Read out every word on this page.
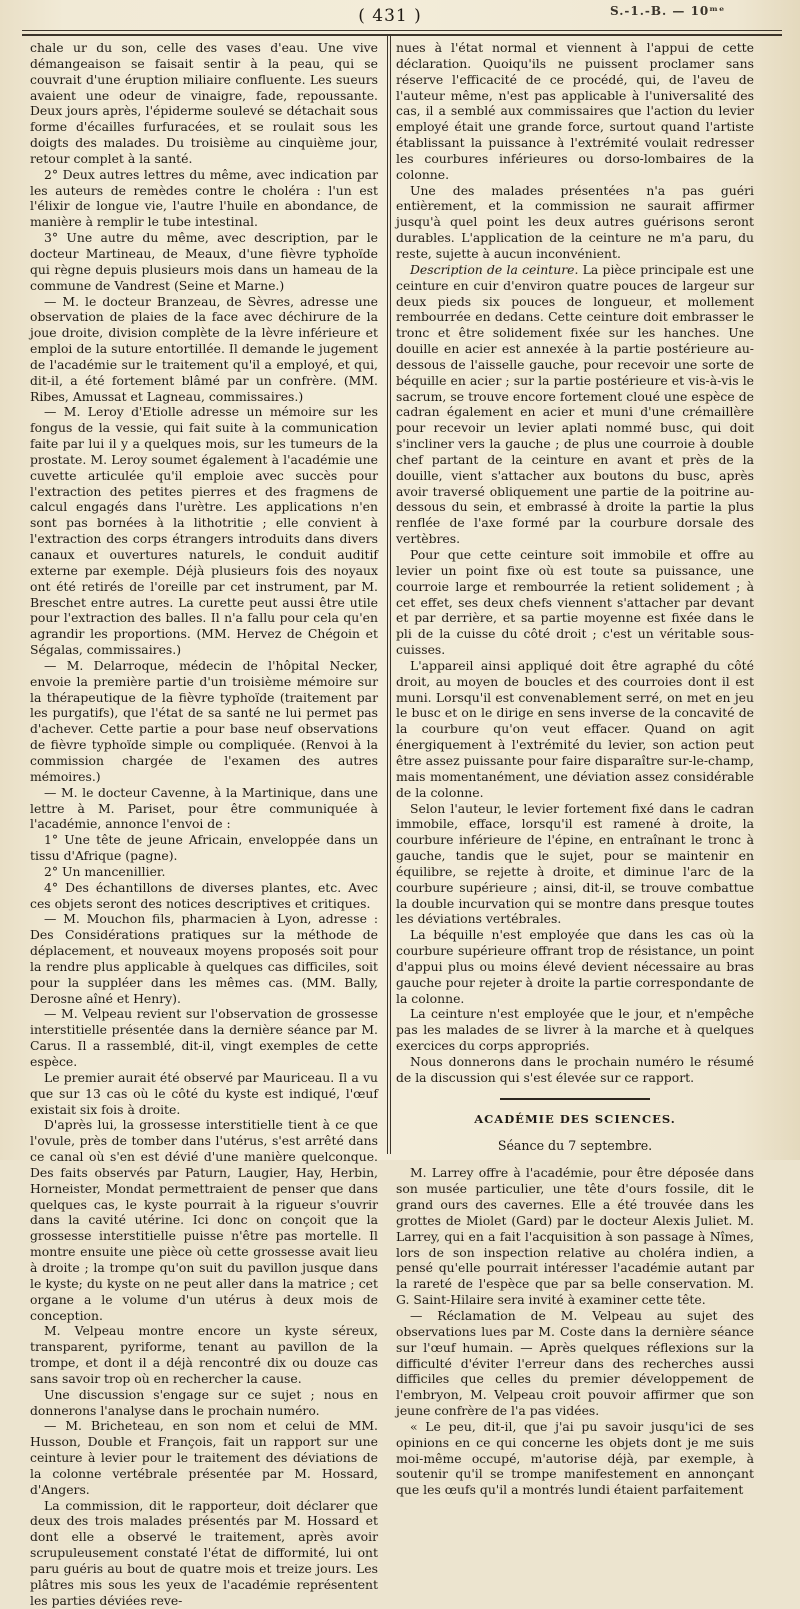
( 431 )	S.-1.-B. — 10ᵐᵉ

chale ur du son, celle des vases d'eau. Une vive démangeaison se faisait sentir à la peau, qui se couvrait d'une éruption miliaire confluente. Les sueurs avaient une odeur de vinaigre, fade, repoussante. Deux jours après, l'épiderme soulevé se détachait sous forme d'écailles furfuracées, et se roulait sous les doigts des malades. Du troisième au cinquième jour, retour complet à la santé.

2° Deux autres lettres du même, avec indication par les auteurs de remèdes contre le choléra : l'un est l'élixir de longue vie, l'autre l'huile en abondance, de manière à remplir le tube intestinal.

3° Une autre du même, avec description, par le docteur Martineau, de Meaux, d'une fièvre typhoïde qui règne depuis plusieurs mois dans un hameau de la commune de Vandrest (Seine et Marne.)

— M. le docteur Branzeau, de Sèvres, adresse une observation de plaies de la face avec déchirure de la joue droite, division complète de la lèvre inférieure et emploi de la suture entortillée. Il demande le jugement de l'académie sur le traitement qu'il a employé, et qui, dit-il, a été fortement blâmé par un confrère. (MM. Ribes, Amussat et Lagneau, commissaires.)

— M. Leroy d'Etiolle adresse un mémoire sur les fongus de la vessie, qui fait suite à la communication faite par lui il y a quelques mois, sur les tumeurs de la prostate. M. Leroy soumet également à l'académie une cuvette articulée qu'il emploie avec succès pour l'extraction des petites pierres et des fragmens de calcul engagés dans l'urètre. Les applications n'en sont pas bornées à la lithotritie ; elle convient à l'extraction des corps étrangers introduits dans divers canaux et ouvertures naturels, le conduit auditif externe par exemple. Déjà plusieurs fois des noyaux ont été retirés de l'oreille par cet instrument, par M. Breschet entre autres. La curette peut aussi être utile pour l'extraction des balles. Il n'a fallu pour cela qu'en agrandir les proportions. (MM. Hervez de Chégoin et Ségalas, commissaires.)

— M. Delarroque, médecin de l'hôpital Necker, envoie la première partie d'un troisième mémoire sur la thérapeutique de la fièvre typhoïde (traitement par les purgatifs), que l'état de sa santé ne lui permet pas d'achever. Cette partie a pour base neuf observations de fièvre typhoïde simple ou compliquée. (Renvoi à la commission chargée de l'examen des autres mémoires.)

— M. le docteur Cavenne, à la Martinique, dans une lettre à M. Pariset, pour être communiquée à l'académie, annonce l'envoi de :

1° Une tête de jeune Africain, enveloppée dans un tissu d'Afrique (pagne).

2° Un mancenillier.

4° Des échantillons de diverses plantes, etc. Avec ces objets seront des notices descriptives et critiques.

— M. Mouchon fils, pharmacien à Lyon, adresse : Des Considérations pratiques sur la méthode de déplacement, et nouveaux moyens proposés soit pour la rendre plus applicable à quelques cas difficiles, soit pour la suppléer dans les mêmes cas. (MM. Bally, Derosne aîné et Henry).

— M. Velpeau revient sur l'observation de grossesse interstitielle présentée dans la dernière séance par M. Carus. Il a rassemblé, dit-il, vingt exemples de cette espèce.

Le premier aurait été observé par Mauriceau. Il a vu que sur 13 cas où le côté du kyste est indiqué, l'œuf existait six fois à droite.

D'après lui, la grossesse interstitielle tient à ce que l'ovule, près de tomber dans l'utérus, s'est arrêté dans ce canal où s'en est dévié d'une manière quelconque. Des faits observés par Paturn, Laugier, Hay, Herbin, Horneister, Mondat permettraient de penser que dans quelques cas, le kyste pourrait à la rigueur s'ouvrir dans la cavité utérine. Ici donc on conçoit que la grossesse interstitielle puisse n'être pas mortelle. Il montre ensuite une pièce où cette grossesse avait lieu à droite ; la trompe qu'on suit du pavillon jusque dans le kyste; du kyste on ne peut aller dans la matrice ; cet organe a le volume d'un utérus à deux mois de conception.

M. Velpeau montre encore un kyste séreux, transparent, pyriforme, tenant au pavillon de la trompe, et dont il a déjà rencontré dix ou douze cas sans savoir trop où en rechercher la cause.

Une discussion s'engage sur ce sujet ; nous en donnerons l'analyse dans le prochain numéro.

— M. Bricheteau, en son nom et celui de MM. Husson, Double et François, fait un rapport sur une ceinture à levier pour le traitement des déviations de la colonne vertébrale présentée par M. Hossard, d'Angers.

La commission, dit le rapporteur, doit déclarer que deux des trois malades présentés par M. Hossard et dont elle a observé le traitement, après avoir scrupuleusement constaté l'état de difformité, lui ont paru guéris au bout de quatre mois et treize jours. Les plâtres mis sous les yeux de l'académie représentent les parties déviées reve-

nues à l'état normal et viennent à l'appui de cette déclaration. Quoiqu'ils ne puissent proclamer sans réserve l'efficacité de ce procédé, qui, de l'aveu de l'auteur même, n'est pas applicable à l'universalité des cas, il a semblé aux commissaires que l'action du levier employé était une grande force, surtout quand l'artiste établissant la puissance à l'extrémité voulait redresser les courbures inférieures ou dorso-lombaires de la colonne.

Une des malades présentées n'a pas guéri entièrement, et la commission ne saurait affirmer jusqu'à quel point les deux autres guérisons seront durables. L'application de la ceinture ne m'a paru, du reste, sujette à aucun inconvénient.

Description de la ceinture. La pièce principale est une ceinture en cuir d'environ quatre pouces de largeur sur deux pieds six pouces de longueur, et mollement rembourrée en dedans. Cette ceinture doit embrasser le tronc et être solidement fixée sur les hanches. Une douille en acier est annexée à la partie postérieure au-dessous de l'aisselle gauche, pour recevoir une sorte de béquille en acier ; sur la partie postérieure et vis-à-vis le sacrum, se trouve encore fortement cloué une espèce de cadran également en acier et muni d'une crémaillère pour recevoir un levier aplati nommé busc, qui doit s'incliner vers la gauche ; de plus une courroie à double chef partant de la ceinture en avant et près de la douille, vient s'attacher aux boutons du busc, après avoir traversé obliquement une partie de la poitrine au-dessous du sein, et embrassé à droite la partie la plus renflée de l'axe formé par la courbure dorsale des vertèbres.

Pour que cette ceinture soit immobile et offre au levier un point fixe où est toute sa puissance, une courroie large et rembourrée la retient solidement ; à cet effet, ses deux chefs viennent s'attacher par devant et par derrière, et sa partie moyenne est fixée dans le pli de la cuisse du côté droit ; c'est un véritable sous-cuisses.

L'appareil ainsi appliqué doit être agraphé du côté droit, au moyen de boucles et des courroies dont il est muni. Lorsqu'il est convenablement serré, on met en jeu le busc et on le dirige en sens inverse de la concavité de la courbure qu'on veut effacer. Quand on agit énergiquement à l'extrémité du levier, son action peut être assez puissante pour faire disparaître sur-le-champ, mais momentanément, une déviation assez considérable de la colonne.

Selon l'auteur, le levier fortement fixé dans le cadran immobile, efface, lorsqu'il est ramené à droite, la courbure inférieure de l'épine, en entraînant le tronc à gauche, tandis que le sujet, pour se maintenir en équilibre, se rejette à droite, et diminue l'arc de la courbure supérieure ; ainsi, dit-il, se trouve combattue la double incurvation qui se montre dans presque toutes les déviations vertébrales.

La béquille n'est employée que dans les cas où la courbure supérieure offrant trop de résistance, un point d'appui plus ou moins élevé devient nécessaire au bras gauche pour rejeter à droite la partie correspondante de la colonne.

La ceinture n'est employée que le jour, et n'empêche pas les malades de se livrer à la marche et à quelques exercices du corps appropriés.

Nous donnerons dans le prochain numéro le résumé de la discussion qui s'est élevée sur ce rapport.

ACADÉMIE DES SCIENCES.
Séance du 7 septembre.

M. Larrey offre à l'académie, pour être déposée dans son musée particulier, une tête d'ours fossile, dit le grand ours des cavernes. Elle a été trouvée dans les grottes de Miolet (Gard) par le docteur Alexis Juliet. M. Larrey, qui en a fait l'acquisition à son passage à Nîmes, lors de son inspection relative au choléra indien, a pensé qu'elle pourrait intéresser l'académie autant par la rareté de l'espèce que par sa belle conservation. M. G. Saint-Hilaire sera invité à examiner cette tête.

— Réclamation de M. Velpeau au sujet des observations lues par M. Coste dans la dernière séance sur l'œuf humain. — Après quelques réflexions sur la difficulté d'éviter l'erreur dans des recherches aussi difficiles que celles du premier développement de l'embryon, M. Velpeau croit pouvoir affirmer que son jeune confrère de l'a pas vidées.

« Le peu, dit-il, que j'ai pu savoir jusqu'ici de ses opinions en ce qui concerne les objets dont je me suis moi-même occupé, m'autorise déjà, par exemple, à soutenir qu'il se trompe manifestement en annonçant que les œufs qu'il a montrés lundi étaient parfaitement
